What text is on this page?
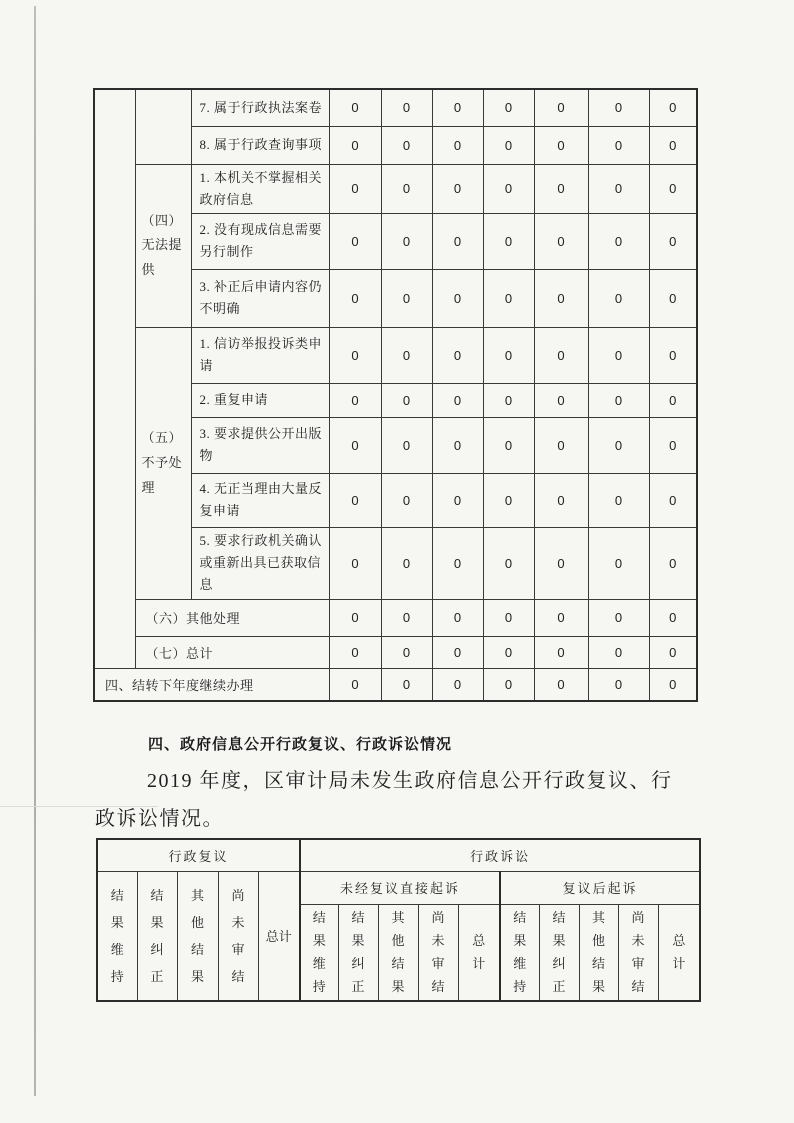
		7. 属于行政执法案卷	0	0	0	0	0	0	0
		8. 属于行政查询事项	0	0	0	0	0	0	0
	（四）无法提供	1. 本机关不掌握相关政府信息	0	0	0	0	0	0	0
		2. 没有现成信息需要另行制作	0	0	0	0	0	0	0
		3. 补正后申请内容仍不明确	0	0	0	0	0	0	0
	（五）不予处理	1. 信访举报投诉类申请	0	0	0	0	0	0	0
		2. 重复申请	0	0	0	0	0	0	0
		3. 要求提供公开出版物	0	0	0	0	0	0	0
		4. 无正当理由大量反复申请	0	0	0	0	0	0	0
		5. 要求行政机关确认或重新出具已获取信息	0	0	0	0	0	0	0
	（六）其他处理		0	0	0	0	0	0	0
	（七）总计		0	0	0	0	0	0	0
四、结转下年度继续办理			0	0	0	0	0	0	0
四、政府信息公开行政复议、行政诉讼情况
2019 年度，区审计局未发生政府信息公开行政复议、行
政诉讼情况。
行政复议					行政诉讼									

结果维持	结果纠正	其他结果	尚未审结	总计	未经复议直接起诉					复议后起诉				

					结果维持	结果纠正	其他结果	尚未审结	总计	结果维持	结果纠正	其他结果	尚未审结	总计
